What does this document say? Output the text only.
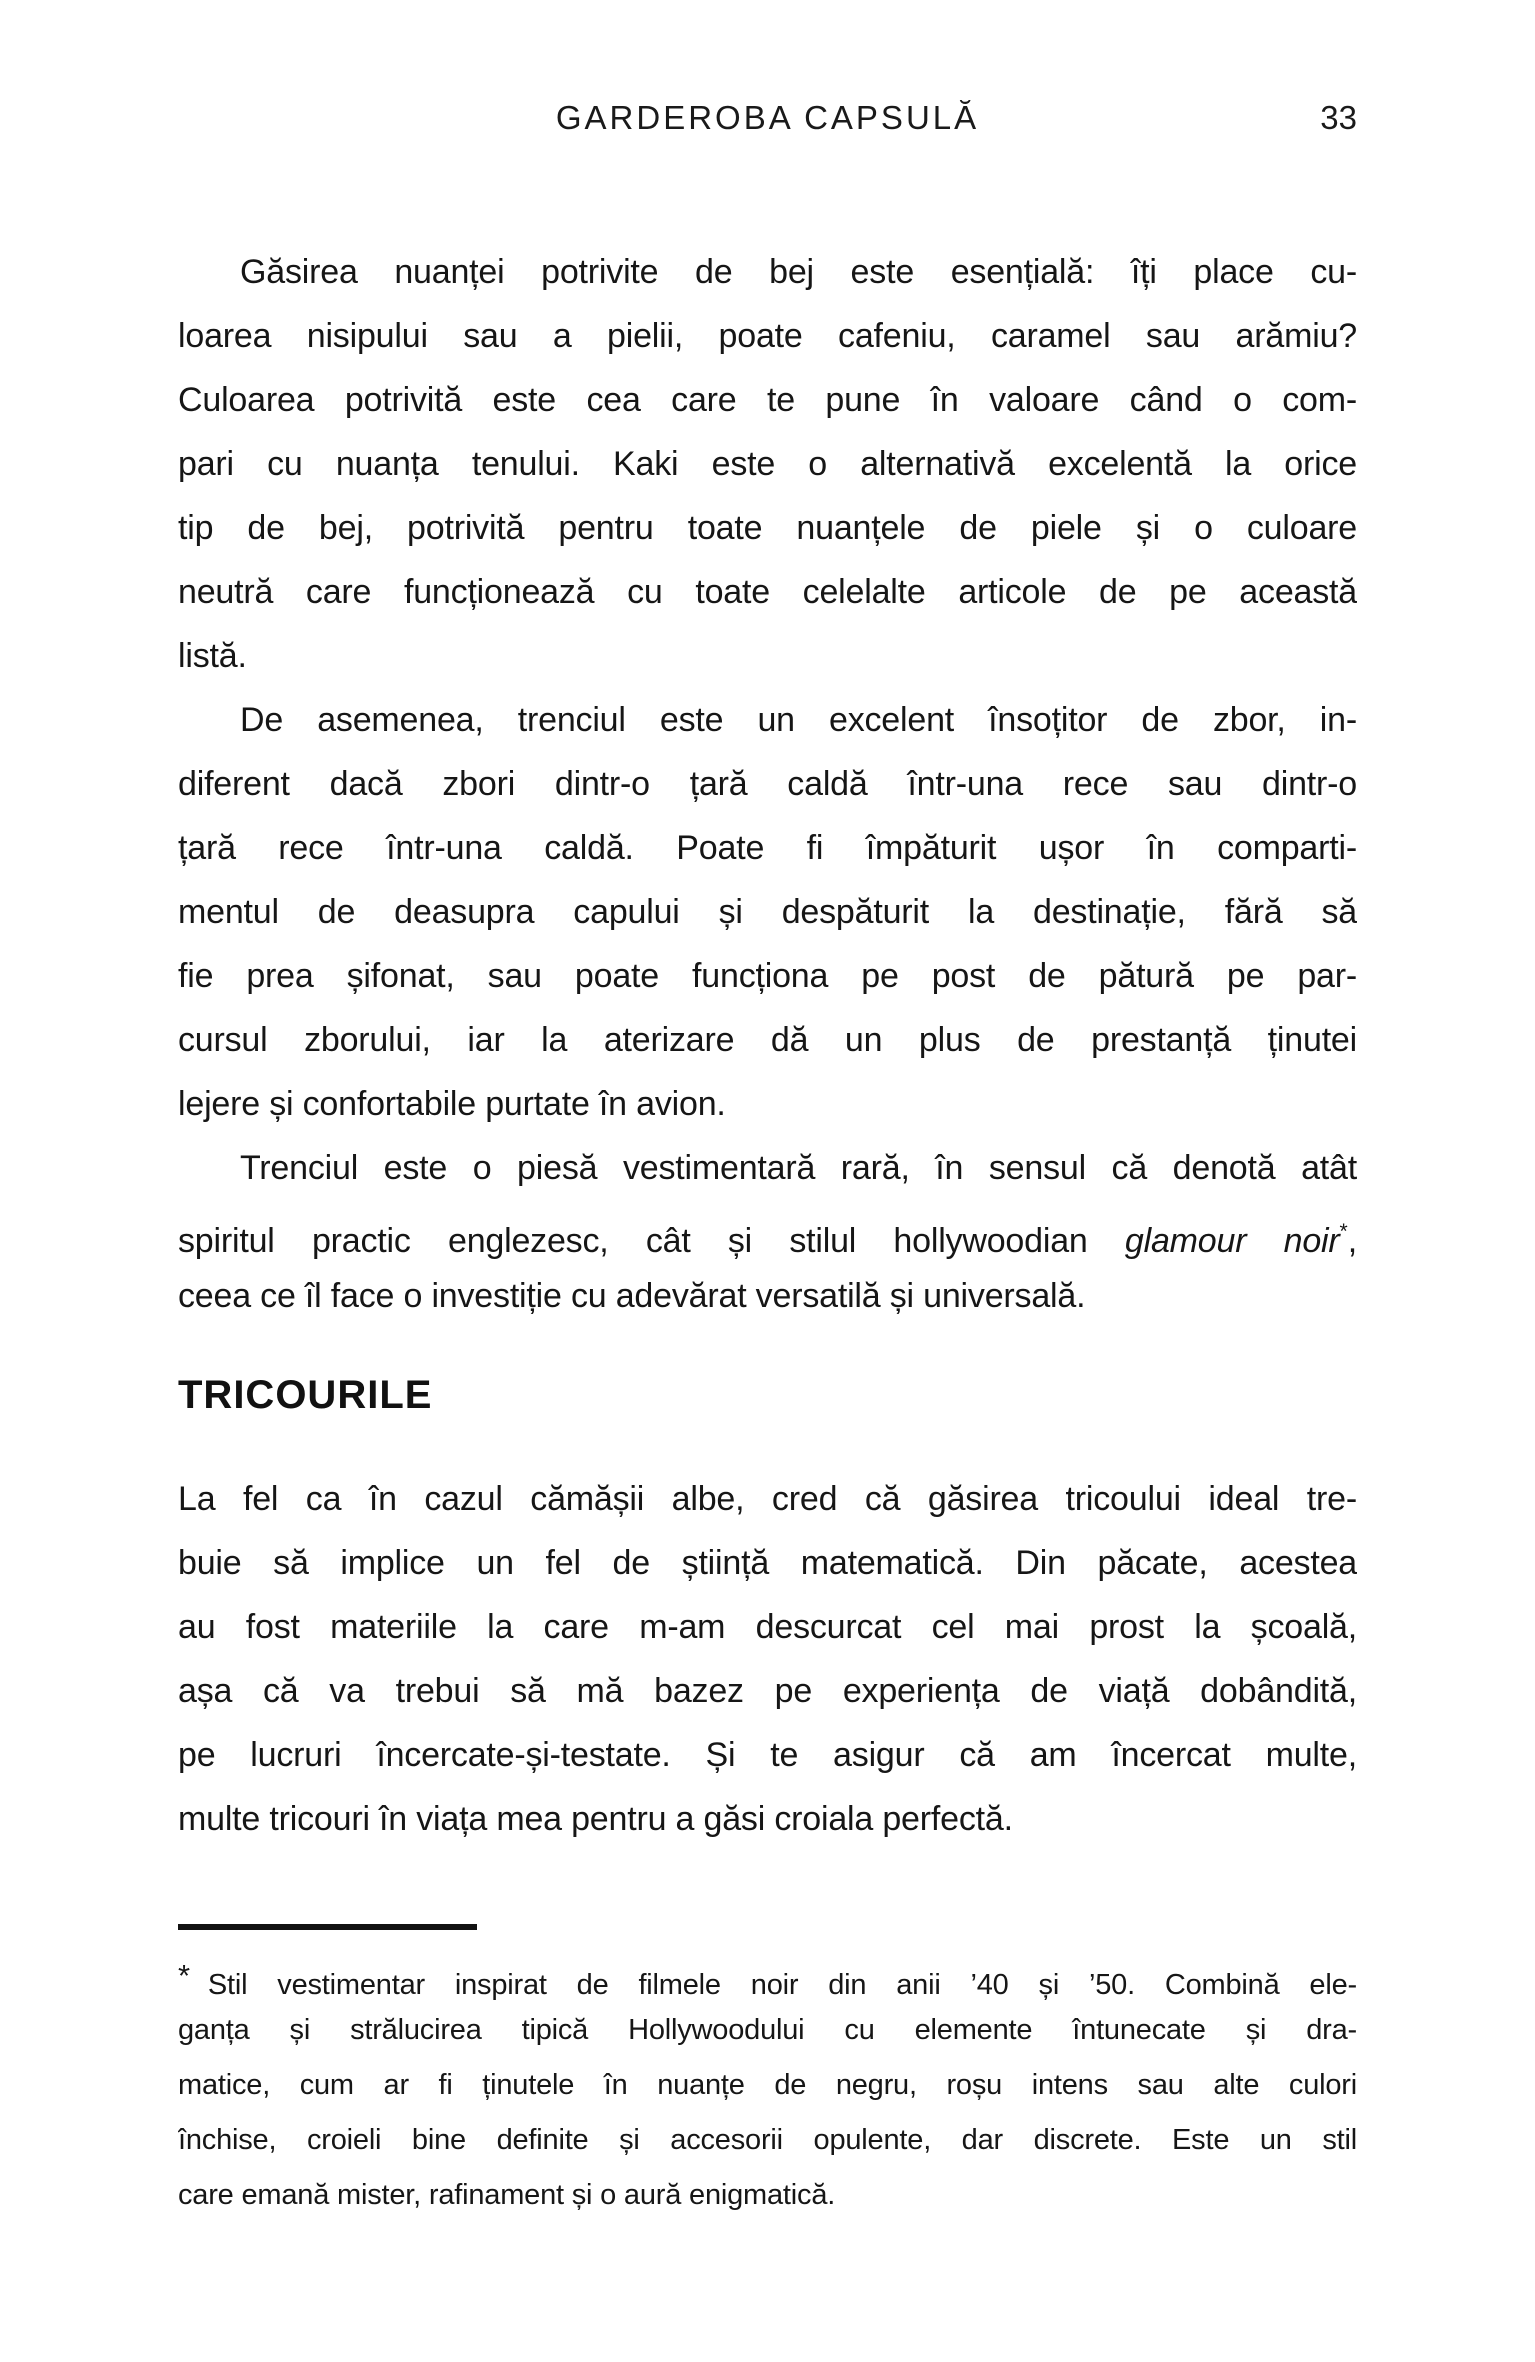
GARDEROBA CAPSULĂ	33
Găsirea nuanței potrivite de bej este esențială: îți place cu-
loarea nisipului sau a pielii, poate cafeniu, caramel sau arămiu?
Culoarea potrivită este cea care te pune în valoare când o com-
pari cu nuanța tenului. Kaki este o alternativă excelentă la orice
tip de bej, potrivită pentru toate nuanțele de piele și o culoare
neutră care funcționează cu toate celelalte articole de pe această
listă.
De asemenea, trenciul este un excelent însoțitor de zbor, in-
diferent dacă zbori dintr-o țară caldă într-una rece sau dintr-o
țară rece într-una caldă. Poate fi împăturit ușor în comparti-
mentul de deasupra capului și despăturit la destinație, fără să
fie prea șifonat, sau poate funcționa pe post de pătură pe par-
cursul zborului, iar la aterizare dă un plus de prestanță ținutei
lejere și confortabile purtate în avion.
Trenciul este o piesă vestimentară rară, în sensul că denotă atât
spiritul practic englezesc, cât și stilul hollywoodian glamour noir*,
ceea ce îl face o investiție cu adevărat versatilă și universală.
TRICOURILE
La fel ca în cazul cămășii albe, cred că găsirea tricoului ideal tre-
buie să implice un fel de știință matematică. Din păcate, acestea
au fost materiile la care m-am descurcat cel mai prost la școală,
așa că va trebui să mă bazez pe experiența de viață dobândită,
pe lucruri încercate-și-testate. Și te asigur că am încercat multe,
multe tricouri în viața mea pentru a găsi croiala perfectă.
* Stil vestimentar inspirat de filmele noir din anii ’40 și ’50. Combină ele-
ganța și strălucirea tipică Hollywoodului cu elemente întunecate și dra-
matice, cum ar fi ținutele în nuanțe de negru, roșu intens sau alte culori
închise, croieli bine definite și accesorii opulente, dar discrete. Este un stil
care emană mister, rafinament și o aură enigmatică.
